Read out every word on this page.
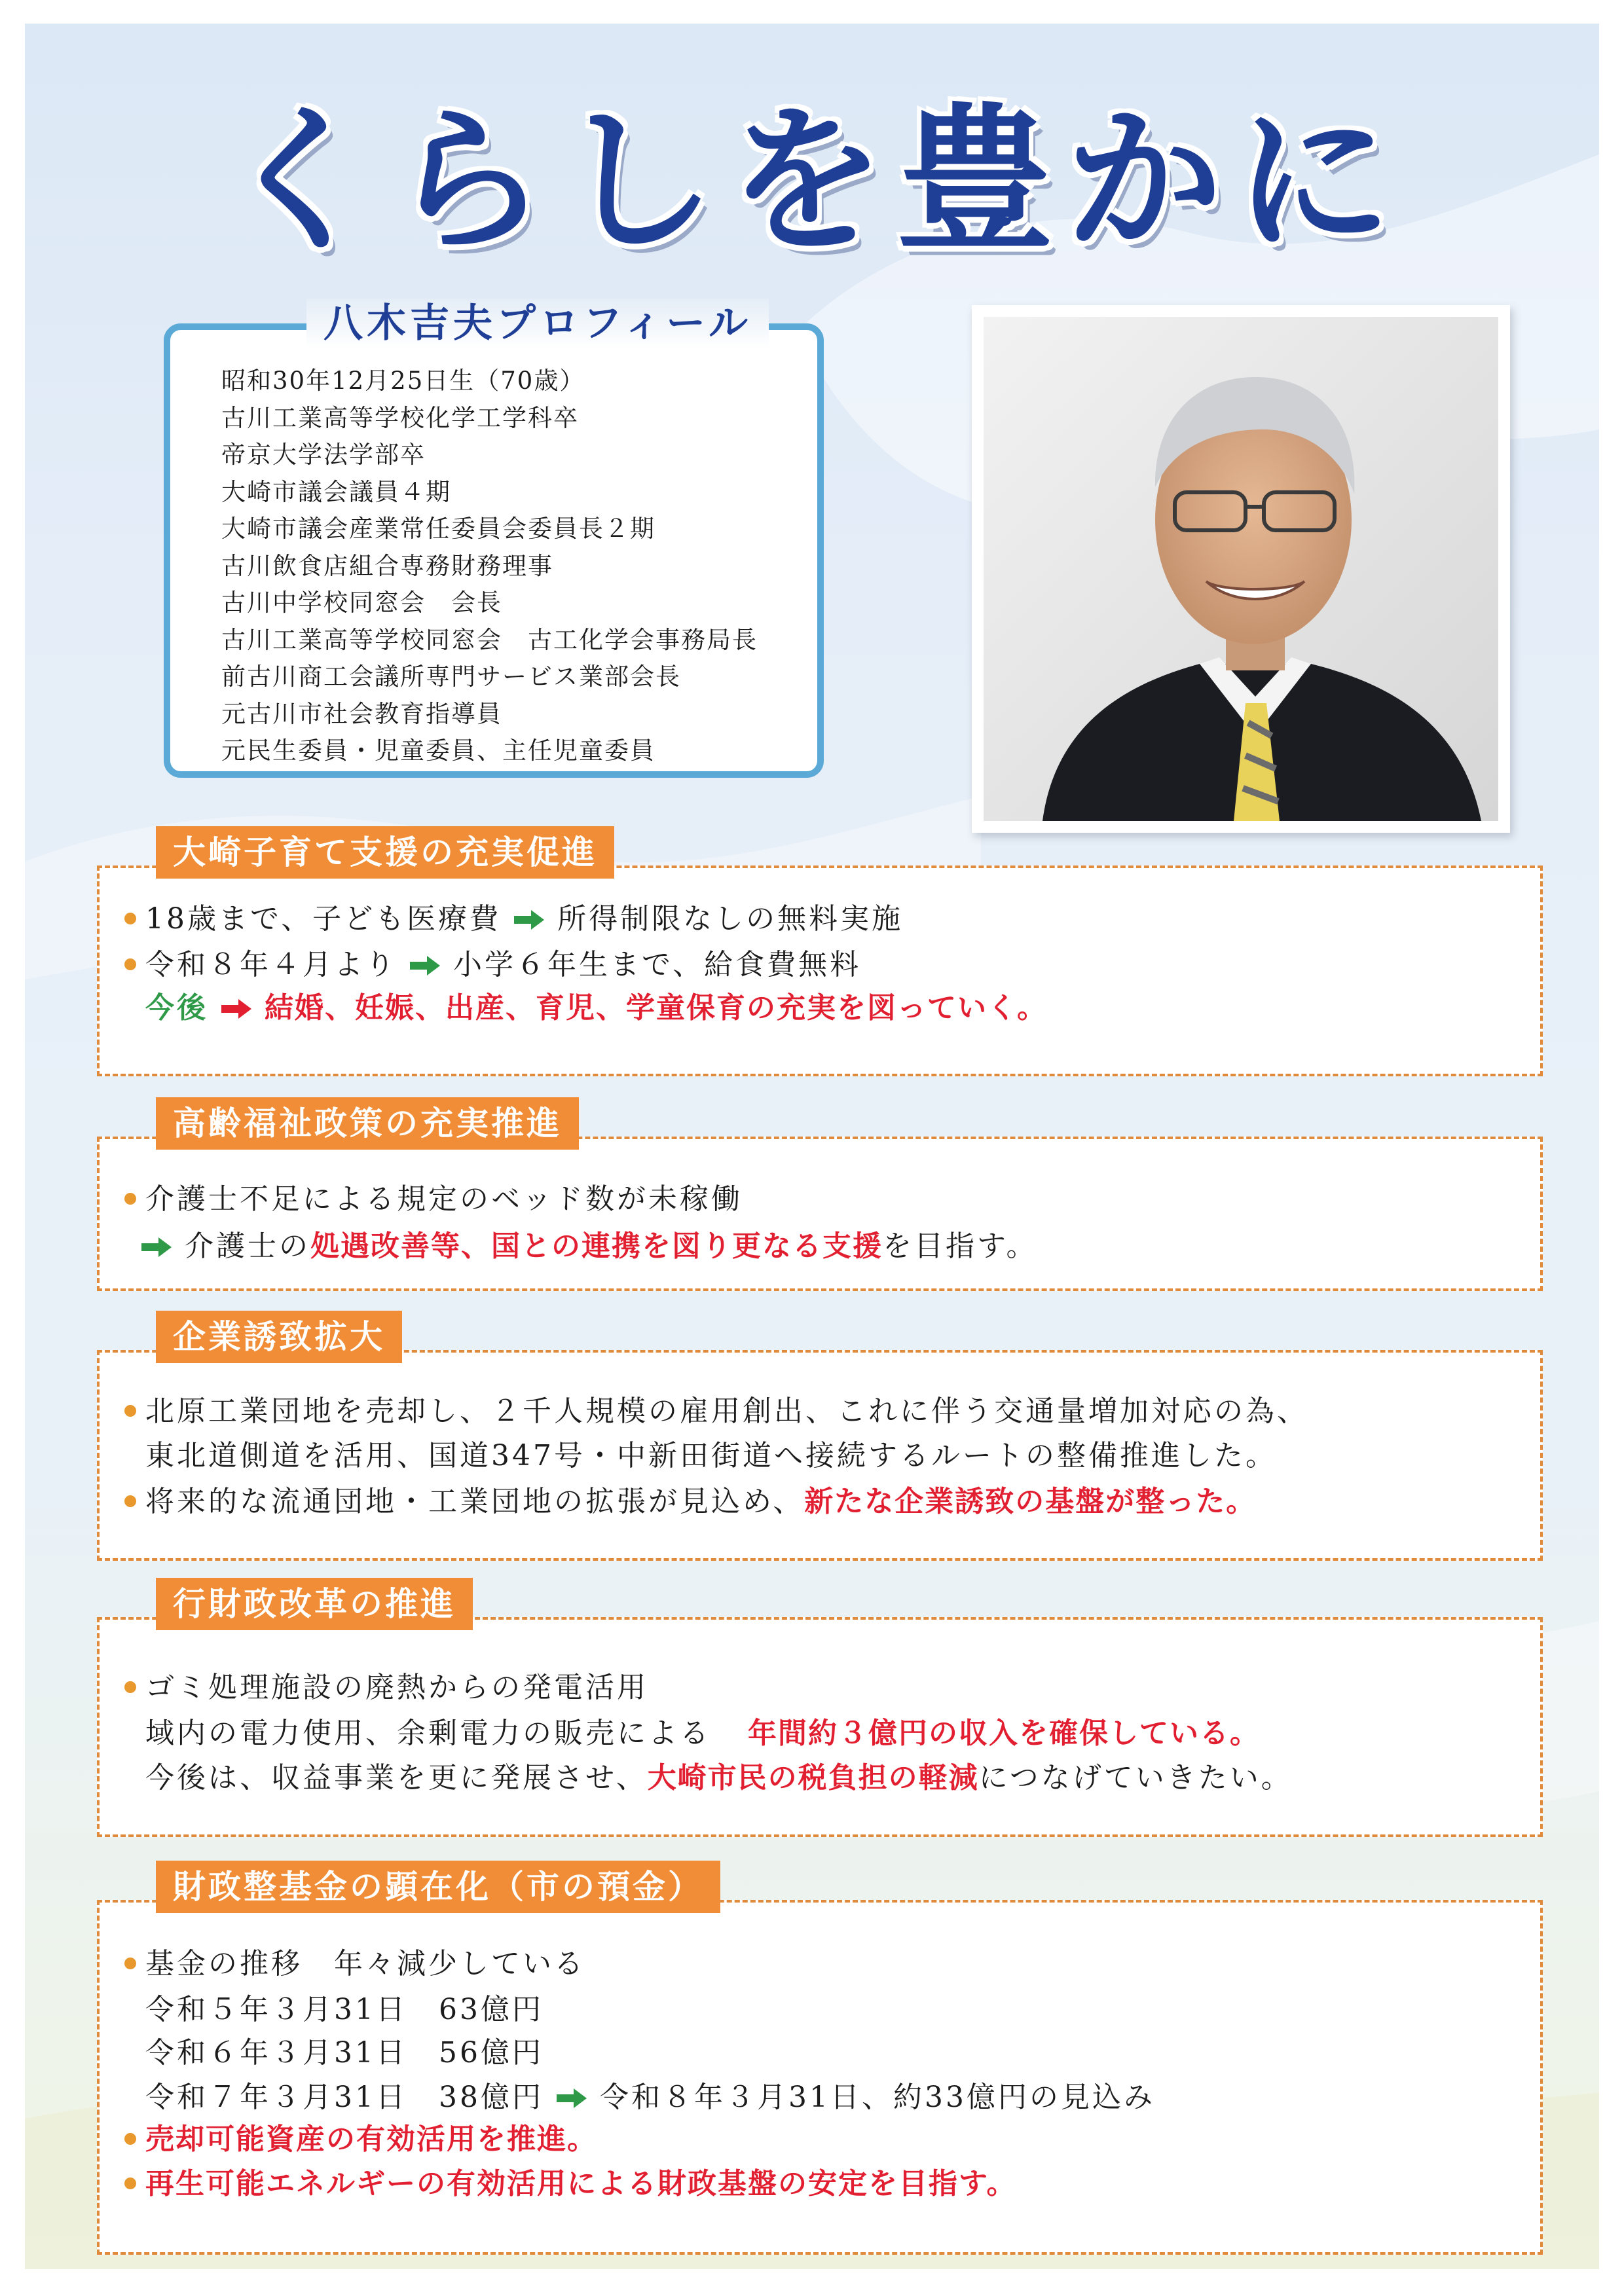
くらしを豊かに
八木吉夫プロフィール
昭和30年12月25日生（70歳）
古川工業高等学校化学工学科卒
帝京大学法学部卒
大崎市議会議員４期
大崎市議会産業常任委員会委員長２期
古川飲食店組合専務財務理事
古川中学校同窓会　会長
古川工業高等学校同窓会　古工化学会事務局長
前古川商工会議所専門サービス業部会長
元古川市社会教育指導員
元民生委員・児童委員、主任児童委員
大崎子育て支援の充実促進
18歳まで、子ども医療費 所得制限なしの無料実施
令和８年４月より 小学６年生まで、給食費無料
今後 結婚、妊娠、出産、育児、学童保育の充実を図っていく。
高齢福祉政策の充実推進
介護士不足による規定のベッド数が未稼働
介護士の処遇改善等、国との連携を図り更なる支援を目指す。
企業誘致拡大
北原工業団地を売却し、２千人規模の雇用創出、これに伴う交通量増加対応の為、
東北道側道を活用、国道347号・中新田街道へ接続するルートの整備推進した。
将来的な流通団地・工業団地の拡張が見込め、新たな企業誘致の基盤が整った。
行財政改革の推進
ゴミ処理施設の廃熱からの発電活用
域内の電力使用、余剰電力の販売による 年間約３億円の収入を確保している。
今後は、収益事業を更に発展させ、大崎市民の税負担の軽減につなげていきたい。
財政整基金の顕在化（市の預金）
基金の推移　年々減少している
令和５年３月31日　63億円
令和６年３月31日　56億円
令和７年３月31日　38億円 令和８年３月31日、約33億円の見込み
売却可能資産の有効活用を推進。
再生可能エネルギーの有効活用による財政基盤の安定を目指す。
